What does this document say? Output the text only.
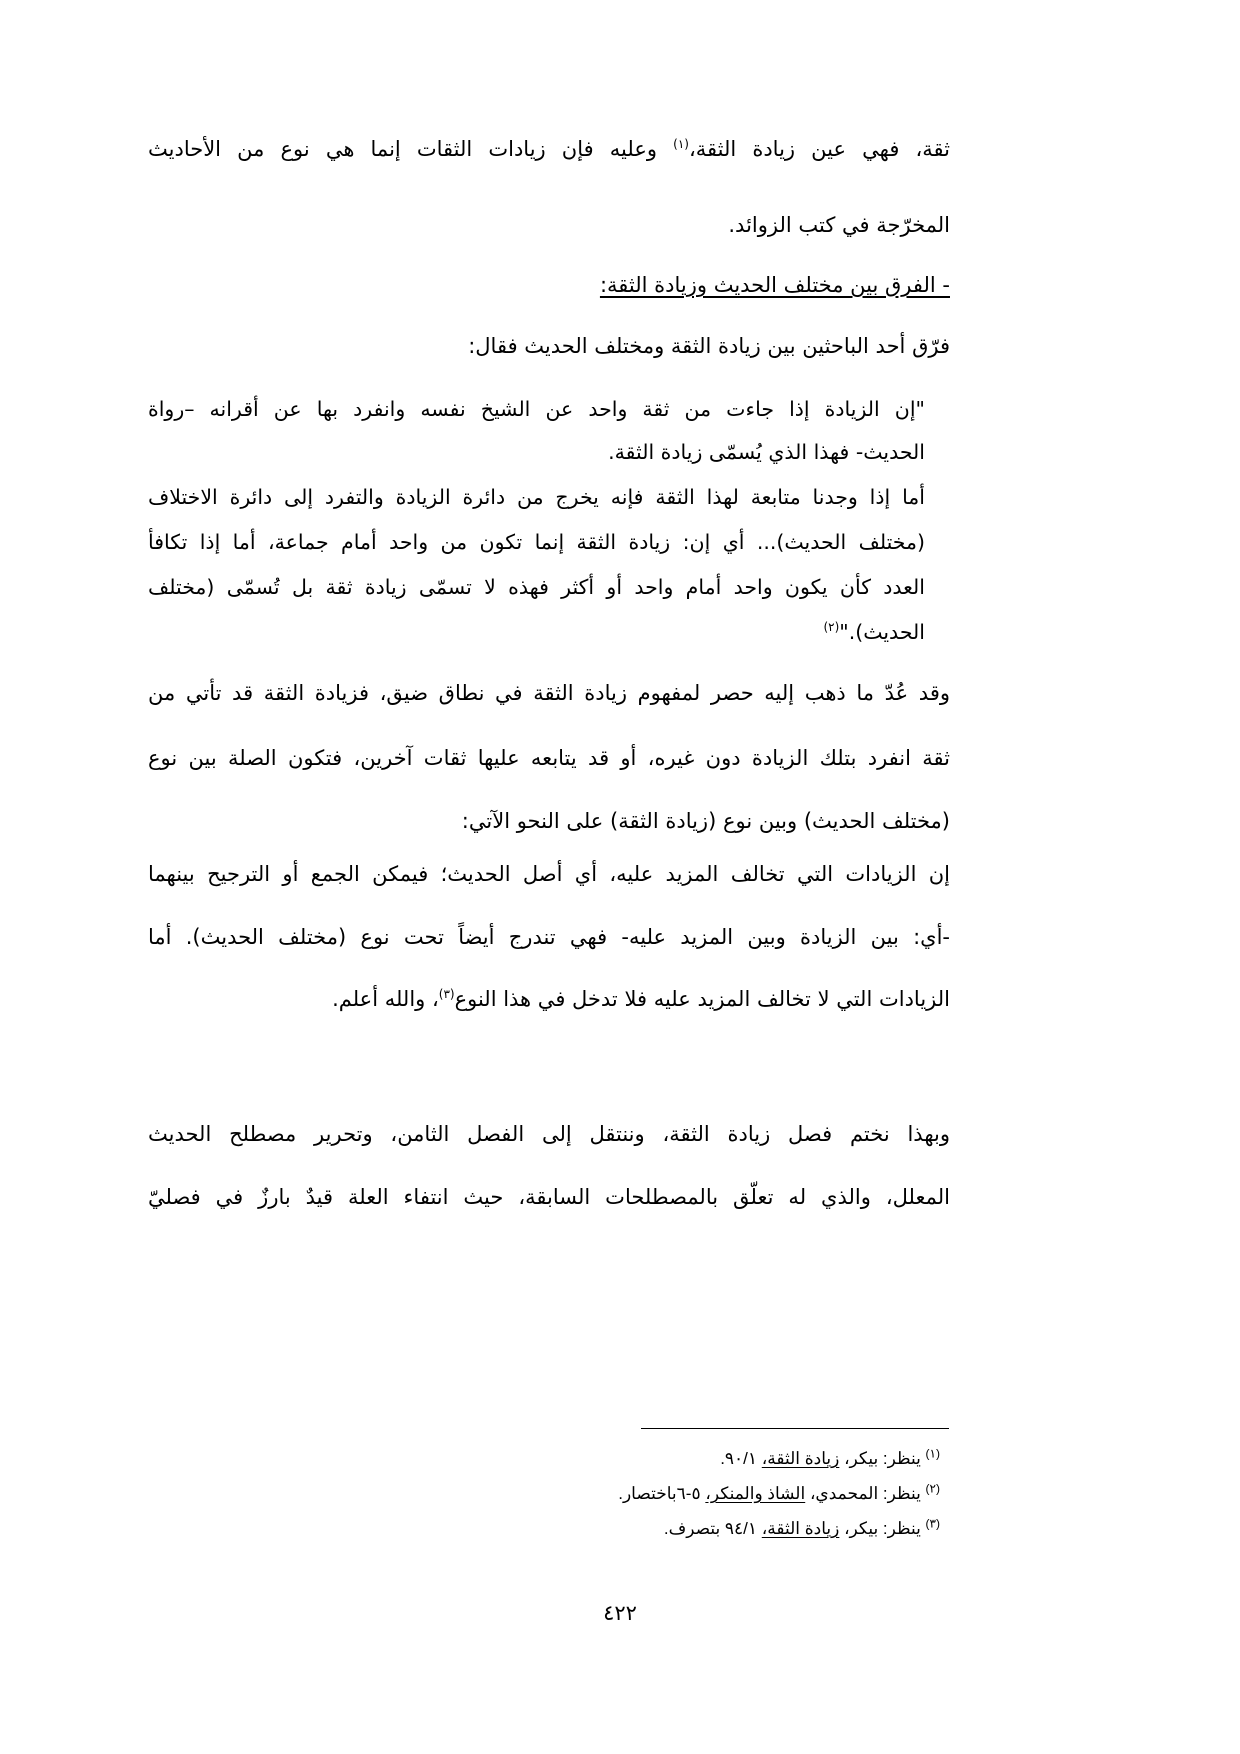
ثقة، فهي عين زيادة الثقة،$^{(١)}$ وعليه فإن زيادات الثقات إنما هي نوع من الأحاديث
المخرّجة في كتب الزوائد.
- الفرق بين مختلف الحديث وزيادة الثقة:
فرّق أحد الباحثين بين زيادة الثقة ومختلف الحديث فقال:
"إن الزيادة إذا جاءت من ثقة واحد عن الشيخ نفسه وانفرد بها عن أقرانه –رواة
الحديث- فهذا الذي يُسمّى زيادة الثقة.
أما إذا وجدنا متابعة لهذا الثقة فإنه يخرج من دائرة الزيادة والتفرد إلى دائرة الاختلاف
(مختلف الحديث)... أي إن: زيادة الثقة إنما تكون من واحد أمام جماعة، أما إذا تكافأ
العدد كأن يكون واحد أمام واحد أو أكثر فهذه لا تسمّى زيادة ثقة بل تُسمّى (مختلف
الحديث)."$^{(٢)}$
وقد عُدّ ما ذهب إليه حصر لمفهوم زيادة الثقة في نطاق ضيق، فزيادة الثقة قد تأتي من
ثقة انفرد بتلك الزيادة دون غيره، أو قد يتابعه عليها ثقات آخرين، فتكون الصلة بين نوع
(مختلف الحديث) وبين نوع (زيادة الثقة) على النحو الآتي:
إن الزيادات التي تخالف المزيد عليه، أي أصل الحديث؛ فيمكن الجمع أو الترجيح بينهما
-أي: بين الزيادة وبين المزيد عليه- فهي تندرج أيضاً تحت نوع (مختلف الحديث). أما
الزيادات التي لا تخالف المزيد عليه فلا تدخل في هذا النوع$^{(٣)}$، والله أعلم.
وبهذا نختم فصل زيادة الثقة، وننتقل إلى الفصل الثامن، وتحرير مصطلح الحديث
المعلل، والذي له تعلّق بالمصطلحات السابقة، حيث انتفاء العلة قيدٌ بارزٌ في فصليّ
$^{(١)}$ ينظر: بيكر، زيادة الثقة، ٩٠/١.
$^{(٢)}$ ينظر: المحمدي، الشاذ والمنكر، ٥-٦باختصار.
$^{(٣)}$ ينظر: بيكر، زيادة الثقة، ٩٤/١ بتصرف.
٤٢٢
